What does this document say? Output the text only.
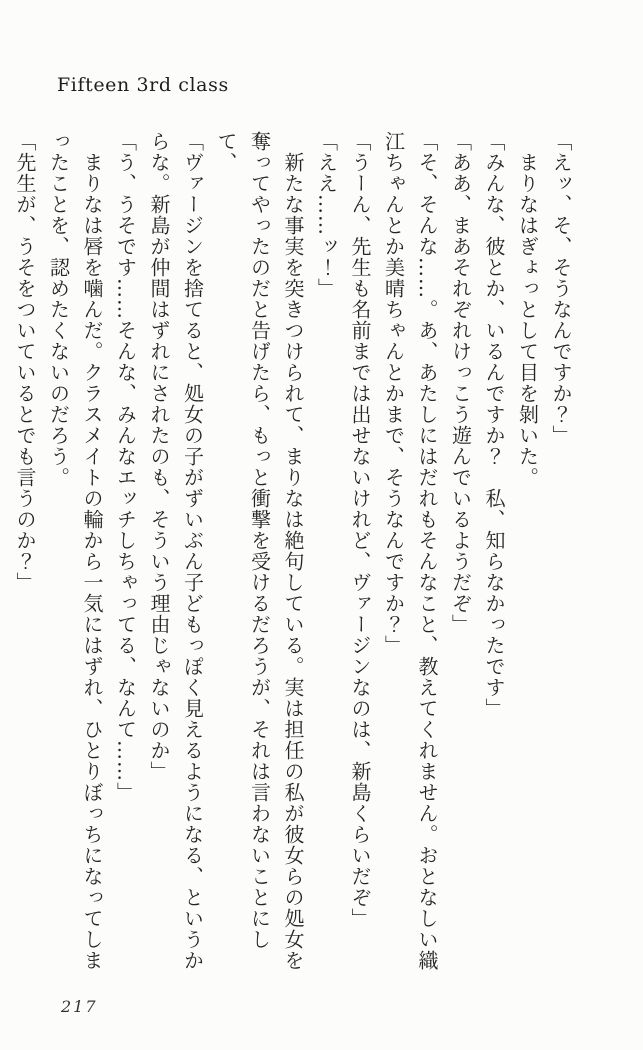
Fifteen 3rd class

「えッ、そ、そうなんですか？」

まりなはぎょっとして目を剝いた。

「みんな、彼とか、いるんですか？　私、知らなかったです」

「ああ、まあそれぞれけっこう遊んでいるようだぞ」

「そ、そんな……。あ、あたしにはだれもそんなこと、教えてくれません。おとなしい織

江ちゃんとか美晴ちゃんとかまで、そうなんですか？」

「うーん、先生も名前までは出せないけれど、ヴァージンなのは、新島くらいだぞ」

「ええ……ッ！」

新たな事実を突きつけられて、まりなは絶句している。実は担任の私が彼女らの処女を

奪ってやったのだと告げたら、もっと衝撃を受けるだろうが、それは言わないことにして、

「ヴァージンを捨てると、処女の子がずいぶん子どもっぽく見えるようになる、というか

らな。新島が仲間はずれにされたのも、そういう理由じゃないのか」

「う、うそです……そんな、みんなエッチしちゃってる、なんて……」

まりなは唇を噛んだ。クラスメイトの輪から一気にはずれ、ひとりぼっちになってしま

ったことを、認めたくないのだろう。

「先生が、うそをついているとでも言うのか？」

217
